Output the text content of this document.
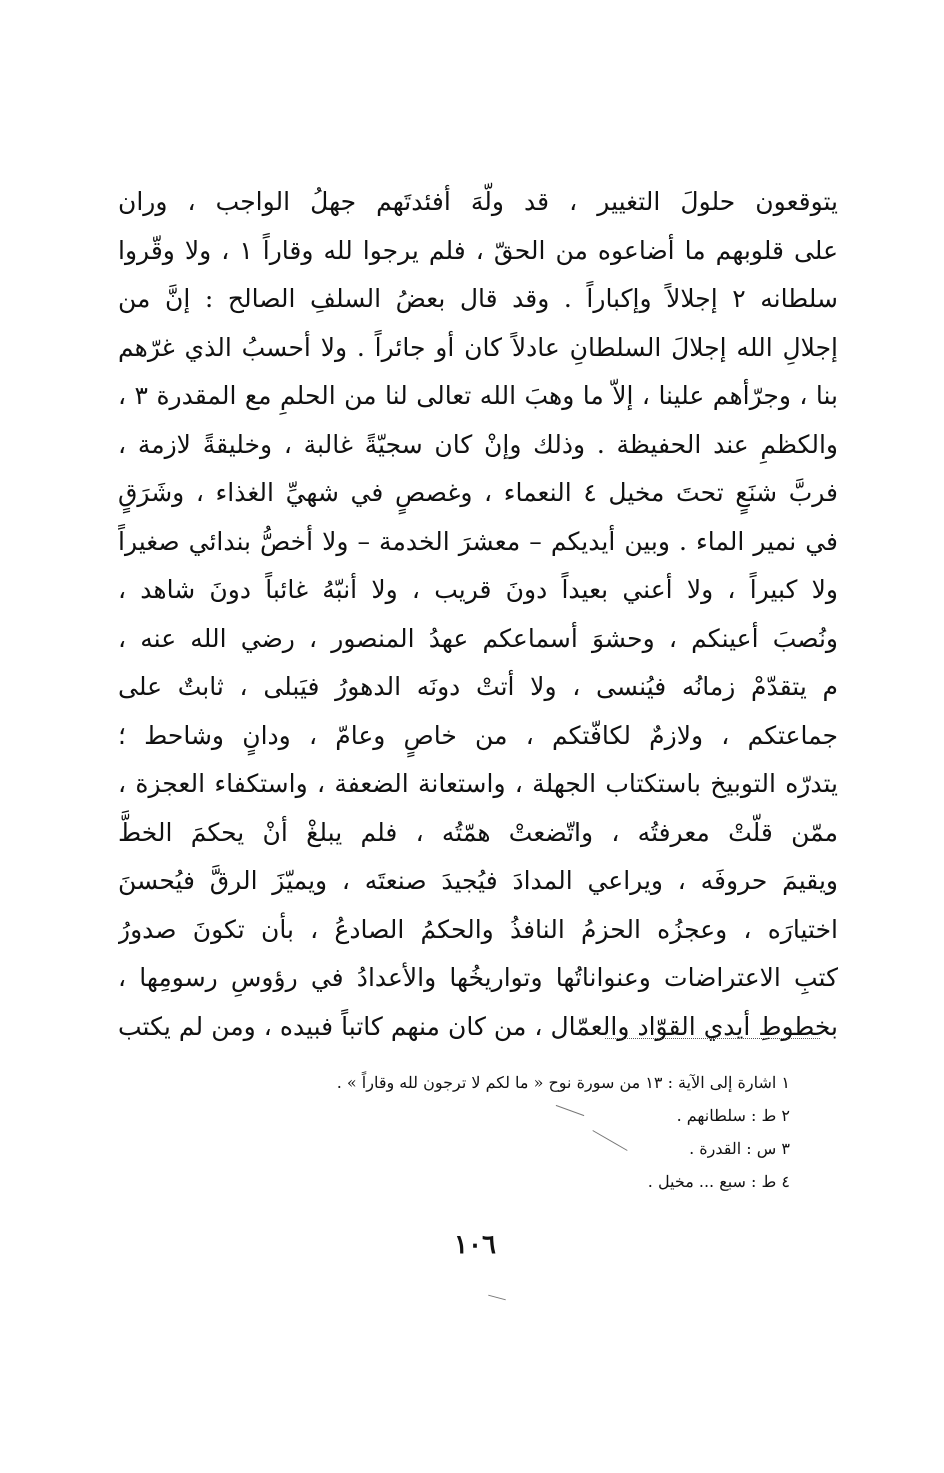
يتوقعون حلولَ التغيير ، قد ولّهَ أفئدتَهم جهلُ الواجب ، وران
على قلوبهم ما أضاعوه من الحقّ ، فلم يرجوا لله وقاراً ١ ، ولا وقّروا
سلطانه ٢ إجلالاً وإكباراً . وقد قال بعضُ السلفِ الصالح : إنَّ من
إجلالِ الله إجلالَ السلطانِ عادلاً كان أو جائراً . ولا أحسبُ الذي غرّهم
بنا ، وجرّأهم علينا ، إلاّ ما وهبَ الله تعالى لنا من الحلمِ مع المقدرة ٣ ،
والكظمِ عند الحفيظة . وذلك وإنْ كان سجيّةً غالبة ، وخليقةً لازمة ،
فربَّ شنَعٍ تحتَ مخيل ٤ النعماء ، وغصصٍ في شهيِّ الغذاء ، وشَرَقٍ
في نمير الماء . وبين أيديكم – معشرَ الخدمة – ولا أخصُّ بندائي صغيراً
ولا كبيراً ، ولا أعني بعيداً دونَ قريب ، ولا أنبّهُ غائباً دونَ شاهد ،
ونُصبَ أعينكم ، وحشوَ أسماعكم عهدُ المنصور ، رضي الله عنه ،
م يتقدّمْ زمانُه فيُنسى ، ولا أتتْ دونَه الدهورُ فيَبلى ، ثابتٌ على
جماعتكم ، ولازمٌ لكافّتكم ، من خاصٍ وعامّ ، ودانٍ وشاحط ؛
يتدرّه التوبيخ باستكتاب الجهلة ، واستعانة الضعفة ، واستكفاء العجزة ،
ممّن قلّتْ معرفتُه ، واتّضعتْ همّتُه ، فلم يبلغْ أنْ يحكمَ الخطَّ
ويقيمَ حروفَه ، ويراعي المدادَ فيُجيدَ صنعتَه ، ويميّزَ الرقَّ فيُحسنَ
اختيارَه ، وعجزُه الحزمُ النافذُ والحكمُ الصادعُ ، بأن تكونَ صدورُ
كتبِ الاعتراضات وعنواناتُها وتواريخُها والأعدادُ في رؤوسِ رسومِها ،
بخطوطِ أيدي القوّاد والعمّال ، من كان منهم كاتباً فبيده ، ومن لم يكتب
١ اشارة إلى الآية : ١٣ من سورة نوح « ما لكم لا ترجون لله وقاراً » .
٢ ط : سلطانهم .
٣ س : القدرة .
٤ ط : سبع ... مخيل .
١٠٦
